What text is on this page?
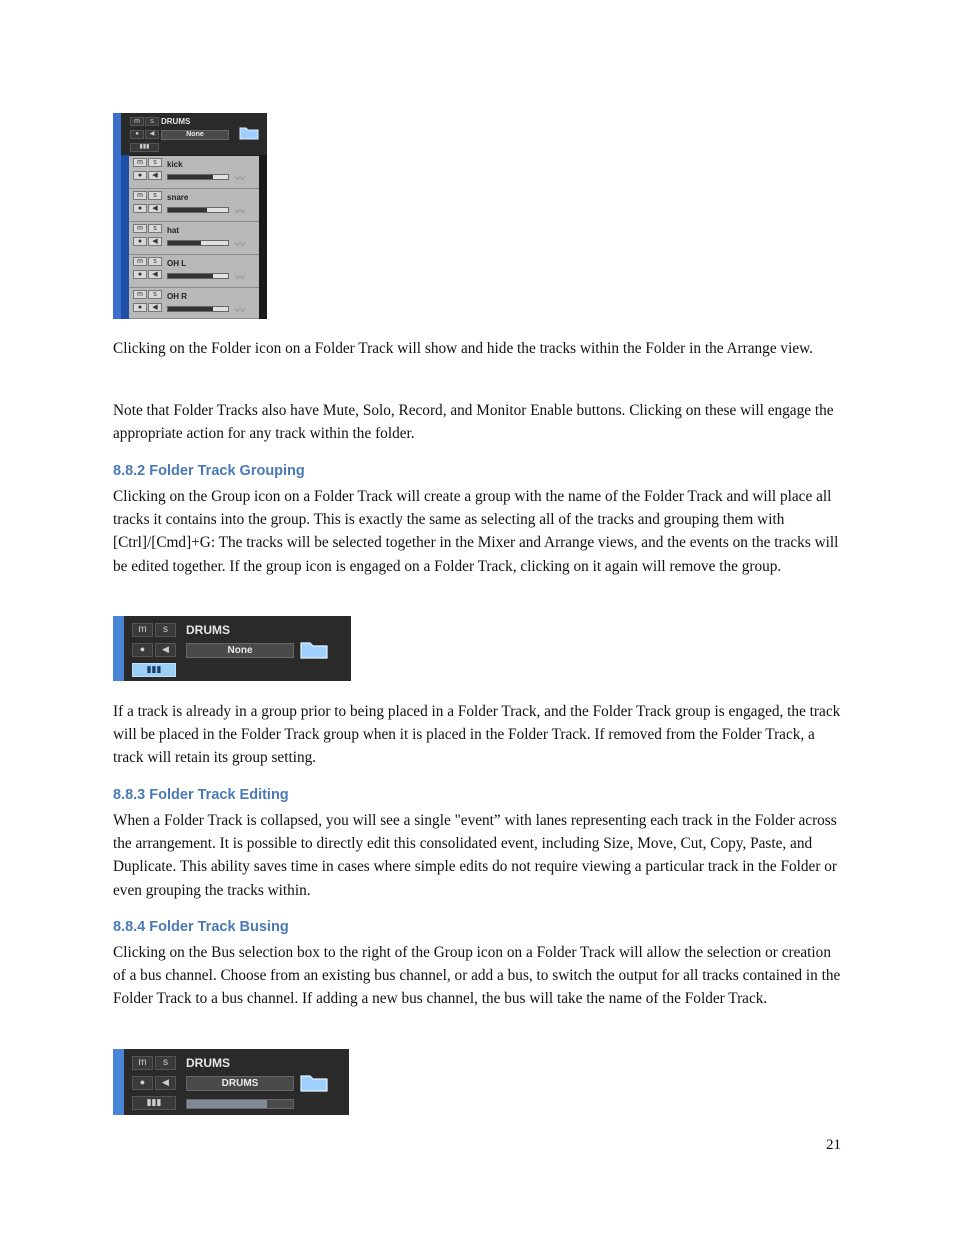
m	s DRUMS
●	◀	None
▮▮▮
m	s	kick
●	◀	〰
m	s	snare
●	◀	〰
m	s	hat
●	◀	〰
m	s	OH L
●	◀	〰
m	s	OH R
●	◀	〰

Clicking on the Folder icon on a Folder Track will show and hide the tracks within the Folder in the Arrange view.

Note that Folder Tracks also have Mute, Solo, Record, and Monitor Enable buttons. Clicking on these will engage the appropriate action for any track within the folder.

8.8.2 Folder Track Grouping

Clicking on the Group icon on a Folder Track will create a group with the name of the Folder Track and will place all tracks it contains into the group. This is exactly the same as selecting all of the tracks and grouping them with [Ctrl]/[Cmd]+G: The tracks will be selected together in the Mixer and Arrange views, and the events on the tracks will be edited together. If the group icon is engaged on a Folder Track, clicking on it again will remove the group.

m	s	DRUMS
●	◀	None
▮▮▮

If a track is already in a group prior to being placed in a Folder Track, and the Folder Track group is engaged, the track will be placed in the Folder Track group when it is placed in the Folder Track. If removed from the Folder Track, a track will retain its group setting.

8.8.3 Folder Track Editing

When a Folder Track is collapsed, you will see a single "event” with lanes representing each track in the Folder across the arrangement. It is possible to directly edit this consolidated event, including Size, Move, Cut, Copy, Paste, and Duplicate. This ability saves time in cases where simple edits do not require viewing a particular track in the Folder or even grouping the tracks within.

8.8.4 Folder Track Busing

Clicking on the Bus selection box to the right of the Group icon on a Folder Track will allow the selection or creation of a bus channel. Choose from an existing bus channel, or add a bus, to switch the output for all tracks contained in the Folder Track to a bus channel. If adding a new bus channel, the bus will take the name of the Folder Track.

m	s	DRUMS
●	◀	DRUMS
▮▮▮
21
